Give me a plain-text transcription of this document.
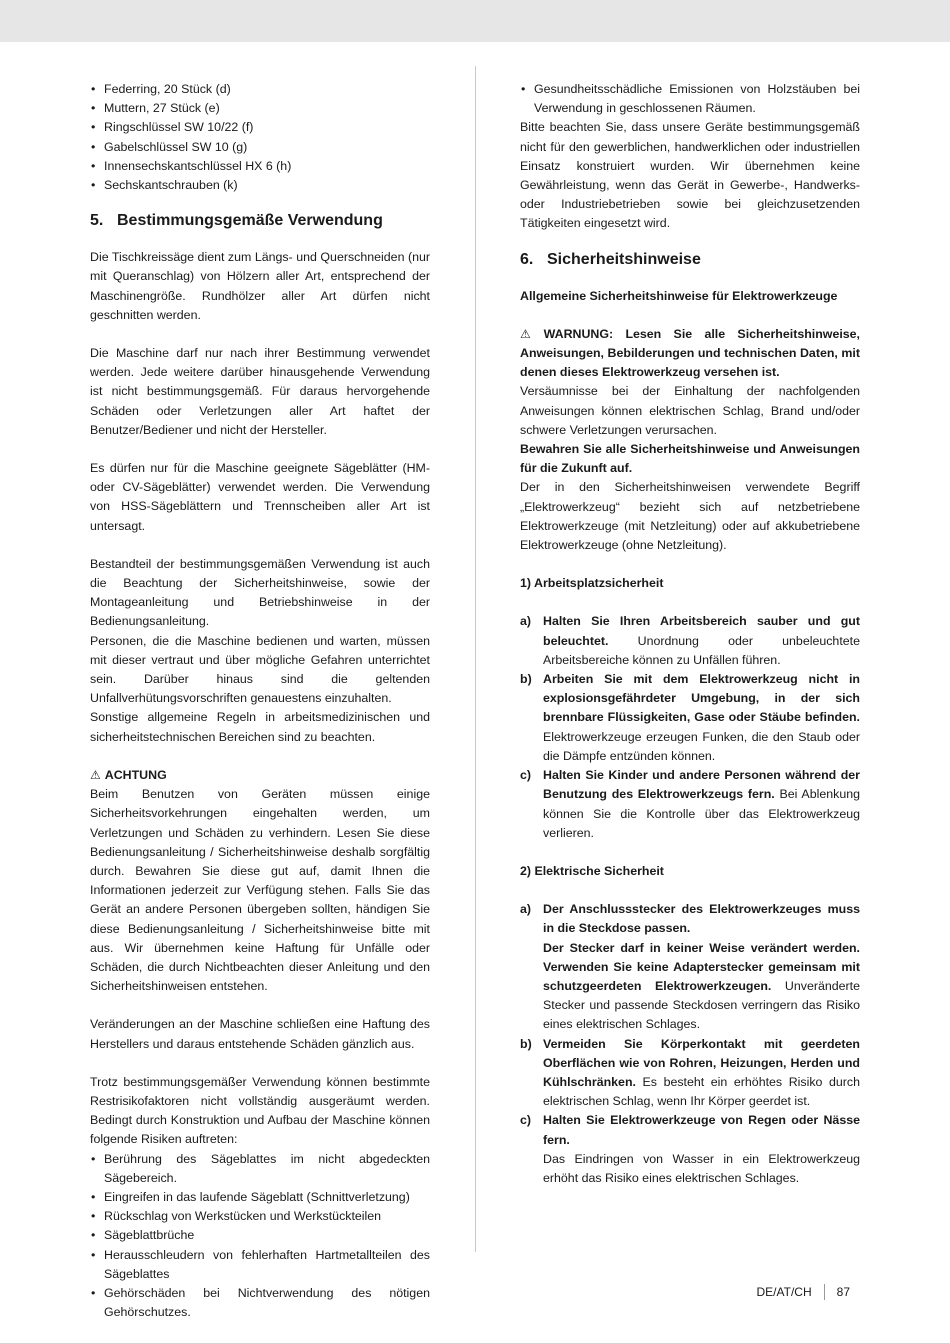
• Federring, 20 Stück (d)
• Muttern, 27 Stück (e)
• Ringschlüssel SW 10/22 (f)
• Gabelschlüssel SW 10 (g)
• Innensechskantschlüssel HX 6 (h)
• Sechskantschrauben (k)
5. Bestimmungsgemäße Verwendung

Die Tischkreissäge dient zum Längs- und Querschneiden (nur mit Queranschlag) von Hölzern aller Art, entsprechend der Maschinengröße. Rundhölzer aller Art dürfen nicht geschnitten werden.

Die Maschine darf nur nach ihrer Bestimmung verwendet werden. Jede weitere darüber hinausgehende Verwendung ist nicht bestimmungsgemäß. Für daraus hervorgehende Schäden oder Verletzungen aller Art haftet der Benutzer/Bediener und nicht der Hersteller.

Es dürfen nur für die Maschine geeignete Sägeblätter (HM- oder CV-Sägeblätter) verwendet werden. Die Verwendung von HSS-Sägeblättern und Trennscheiben aller Art ist untersagt.

Bestandteil der bestimmungsgemäßen Verwendung ist auch die Beachtung der Sicherheitshinweise, sowie der Montageanleitung und Betriebshinweise in der Bedienungsanleitung.

Personen, die die Maschine bedienen und warten, müssen mit dieser vertraut und über mögliche Gefahren unterrichtet sein. Darüber hinaus sind die geltenden Unfallverhütungsvorschriften genauestens einzuhalten.

Sonstige allgemeine Regeln in arbeitsmedizinischen und sicherheitstechnischen Bereichen sind zu beachten.

⚠ ACHTUNG

Beim Benutzen von Geräten müssen einige Sicherheitsvorkehrungen eingehalten werden, um Verletzungen und Schäden zu verhindern. Lesen Sie diese Bedienungsanleitung / Sicherheitshinweise deshalb sorgfältig durch. Bewahren Sie diese gut auf, damit Ihnen die Informationen jederzeit zur Verfügung stehen. Falls Sie das Gerät an andere Personen übergeben sollten, händigen Sie diese Bedienungsanleitung / Sicherheitshinweise bitte mit aus. Wir übernehmen keine Haftung für Unfälle oder Schäden, die durch Nichtbeachten dieser Anleitung und den Sicherheitshinweisen entstehen.

Veränderungen an der Maschine schließen eine Haftung des Herstellers und daraus entstehende Schäden gänzlich aus.

Trotz bestimmungsgemäßer Verwendung können bestimmte Restrisikofaktoren nicht vollständig ausgeräumt werden. Bedingt durch Konstruktion und Aufbau der Maschine können folgende Risiken auftreten:

• Berührung des Sägeblattes im nicht abgedeckten Sägebereich.
• Eingreifen in das laufende Sägeblatt (Schnittverletzung)
• Rückschlag von Werkstücken und Werkstückteilen
• Sägeblattbrüche
• Herausschleudern von fehlerhaften Hartmetallteilen des Sägeblattes
• Gehörschäden bei Nichtverwendung des nötigen Gehörschutzes.
• Gesundheitsschädliche Emissionen von Holzstäuben bei Verwendung in geschlossenen Räumen.

Bitte beachten Sie, dass unsere Geräte bestimmungsgemäß nicht für den gewerblichen, handwerklichen oder industriellen Einsatz konstruiert wurden. Wir übernehmen keine Gewährleistung, wenn das Gerät in Gewerbe-, Handwerks- oder Industriebetrieben sowie bei gleichzusetzenden Tätigkeiten eingesetzt wird.

6. Sicherheitshinweise

Allgemeine Sicherheitshinweise für Elektrowerkzeuge

⚠ WARNUNG: Lesen Sie alle Sicherheitshinweise, Anweisungen, Bebilderungen und technischen Daten, mit denen dieses Elektrowerkzeug versehen ist.

Versäumnisse bei der Einhaltung der nachfolgenden Anweisungen können elektrischen Schlag, Brand und/oder schwere Verletzungen verursachen.

Bewahren Sie alle Sicherheitshinweise und Anweisungen für die Zukunft auf.

Der in den Sicherheitshinweisen verwendete Begriff „Elektrowerkzeug“ bezieht sich auf netzbetriebene Elektrowerkzeuge (mit Netzleitung) oder auf akkubetriebene Elektrowerkzeuge (ohne Netzleitung).

1) Arbeitsplatzsicherheit

a) Halten Sie Ihren Arbeitsbereich sauber und gut beleuchtet. Unordnung oder unbeleuchtete Arbeitsbereiche können zu Unfällen führen.
b) Arbeiten Sie mit dem Elektrowerkzeug nicht in explosionsgefährdeter Umgebung, in der sich brennbare Flüssigkeiten, Gase oder Stäube befinden. Elektrowerkzeuge erzeugen Funken, die den Staub oder die Dämpfe entzünden können.
c) Halten Sie Kinder und andere Personen während der Benutzung des Elektrowerkzeugs fern. Bei Ablenkung können Sie die Kontrolle über das Elektrowerkzeug verlieren.

2) Elektrische Sicherheit

a) Der Anschlussstecker des Elektrowerkzeuges muss in die Steckdose passen.
Der Stecker darf in keiner Weise verändert werden. Verwenden Sie keine Adapterstecker gemeinsam mit schutzgeerdeten Elektrowerkzeugen. Unveränderte Stecker und passende Steckdosen verringern das Risiko eines elektrischen Schlages.
b) Vermeiden Sie Körperkontakt mit geerdeten Oberflächen wie von Rohren, Heizungen, Herden und Kühlschränken. Es besteht ein erhöhtes Risiko durch elektrischen Schlag, wenn Ihr Körper geerdet ist.
c) Halten Sie Elektrowerkzeuge von Regen oder Nässe fern.
Das Eindringen von Wasser in ein Elektrowerkzeug erhöht das Risiko eines elektrischen Schlages.
DE/AT/CH 87
